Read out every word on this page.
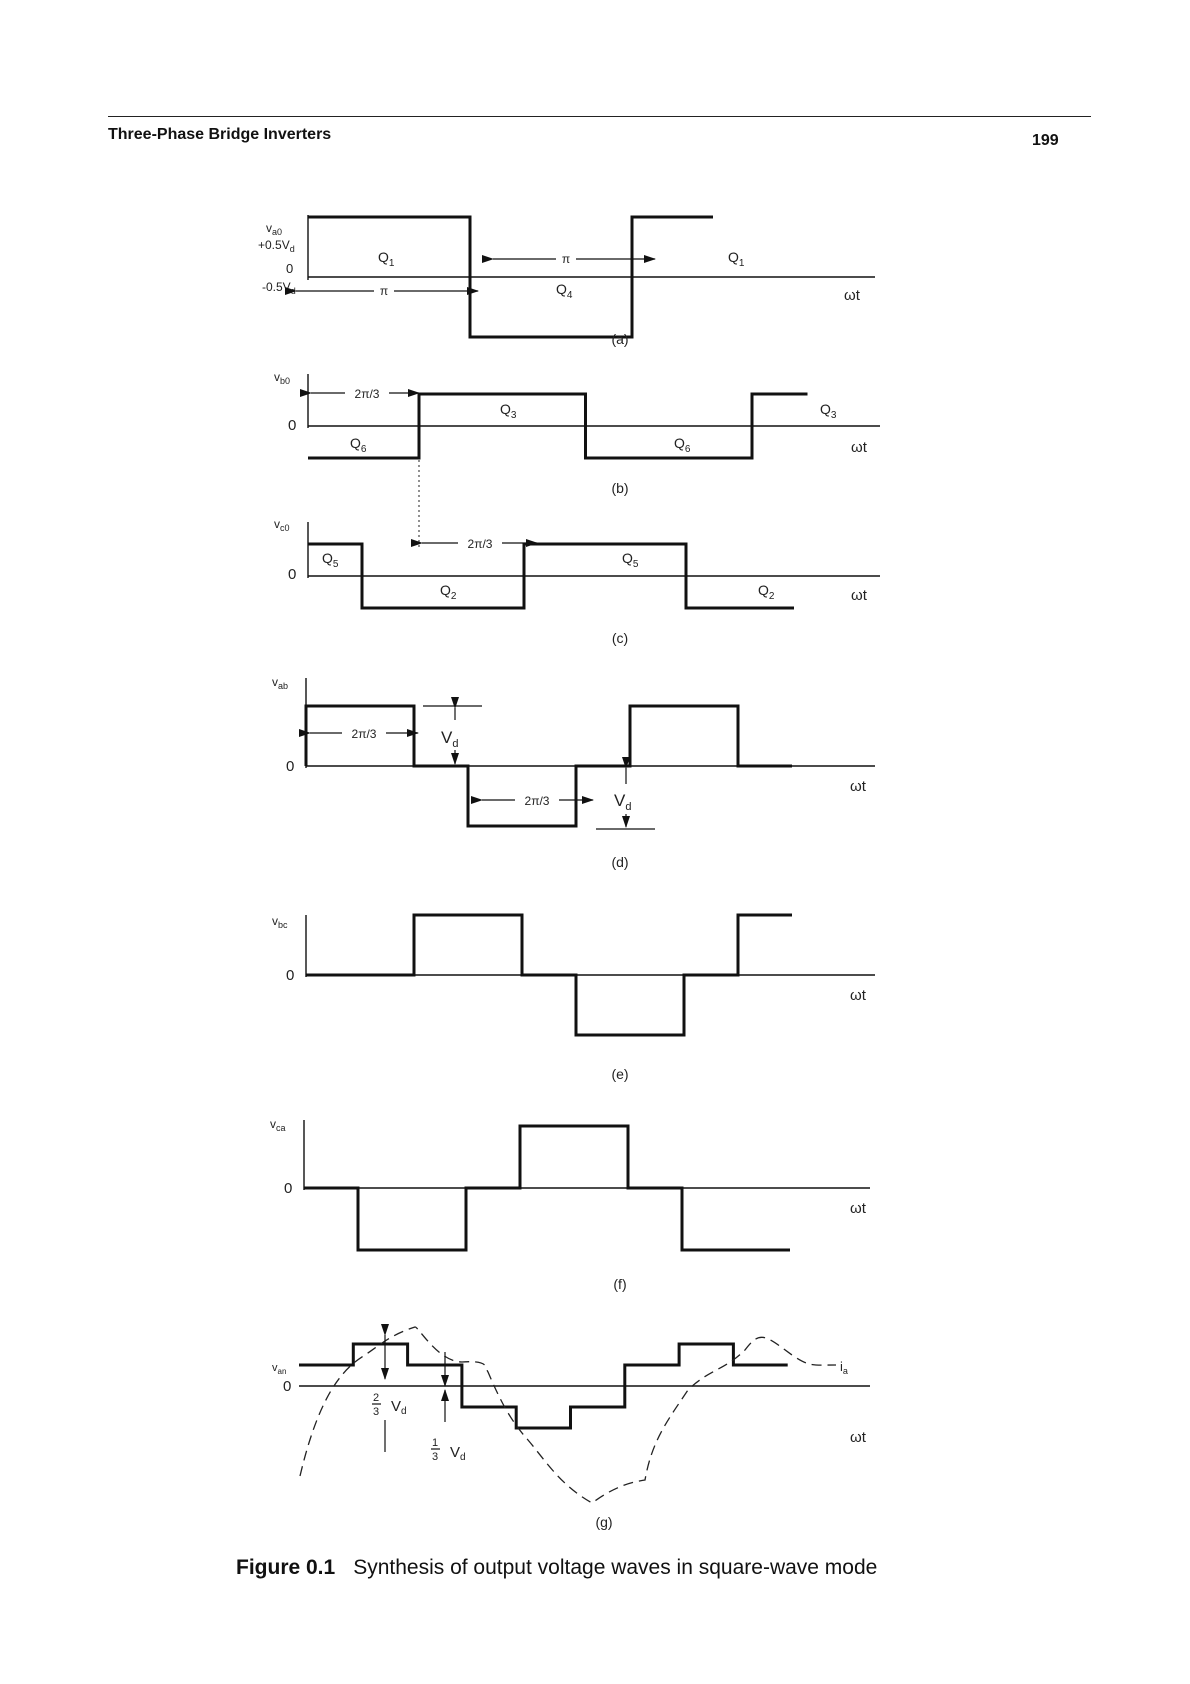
Three-Phase Bridge Inverters	199
$v_{a0}$
$+0.5V_d$
0
$-0.5V_d$
$Q_1$
$Q_4$
$Q_1$
π
π	ωt
(a)
$v_{b0}$
0
2π/3
$Q_6$
$Q_3$
$Q_6$
$Q_3$
ωt
(b)
$v_{c0}$
0
2π/3
$Q_5$
$Q_2$
$Q_5$
$Q_2$	ωt
(c)
$v_{ab}$
0
2π/3
2π/3
$V_d$
$V_d$
ωt
(d)
$v_{bc}$
0
ωt
(e)
$v_{ca}$
0
ωt
(f)
$v_{an}$
0
2
3 $V_d$
1
3 $V_d$
$i_a$
ωt
(g)
Figure 0.1 Synthesis of output voltage waves in square-wave mode
